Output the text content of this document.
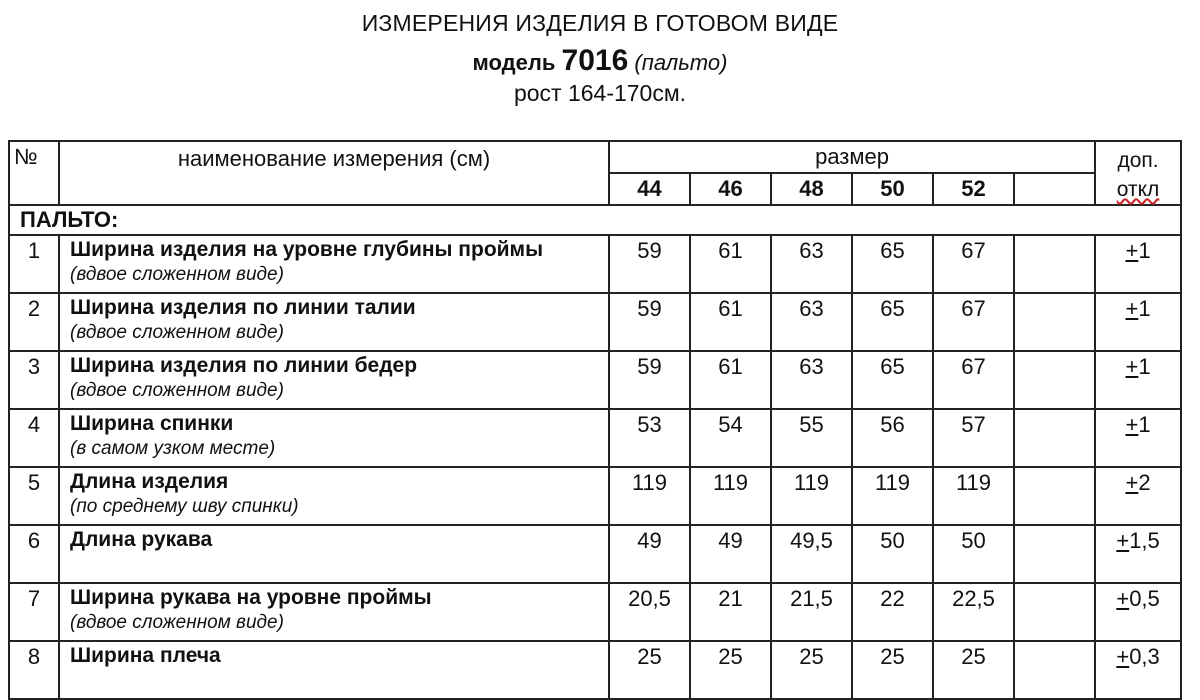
ИЗМЕРЕНИЯ ИЗДЕЛИЯ В ГОТОВОМ ВИДЕ
модель 7016 (пальто)
рост 164-170см.
№	наименование измерения (см)	размер						доп.
откл
		44	46	48	50	52		
ПАЛЬТО:								
1	Ширина изделия на уровне глубины проймы
(вдвое сложенном виде)	59	61	63	65	67		+1
2	Ширина изделия по линии талии
(вдвое сложенном виде)	59	61	63	65	67		+1
3	Ширина изделия по линии бедер
(вдвое сложенном виде)	59	61	63	65	67		+1
4	Ширина спинки
(в самом узком месте)	53	54	55	56	57		+1
5	Длина изделия
(по среднему шву спинки)	119	119	119	119	119		+2
6	Длина рукава	49	49	49,5	50	50		+1,5
7	Ширина рукава на уровне проймы
(вдвое сложенном виде)	20,5	21	21,5	22	22,5		+0,5
8	Ширина плеча	25	25	25	25	25		+0,3
